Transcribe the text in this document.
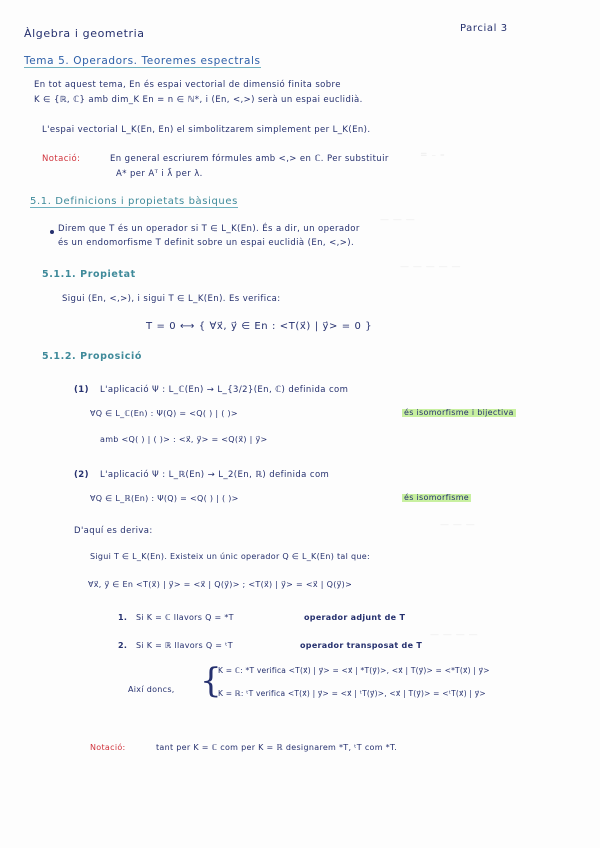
= ₋ ₌
— — —
— — — — —
— — —
— — — —
Àlgebra i geometria	Parcial 3
Tema 5. Operadors. Teoremes espectrals
En tot aquest tema, En és espai vectorial de dimensió finita sobre
K ∈ {ℝ, ℂ} amb dim_K En = n ∈ ℕ*, i (En, <,>) serà un espai euclidià.
L'espai vectorial L_K(En, En) el simbolitzarem simplement per L_K(En).
Notació:	En general escriurem fórmules amb <,> en ℂ. Per substituir
A* per Aᵀ i λ̄ per λ.
5.1. Definicions i propietats bàsiques
Direm que T és un operador si T ∈ L_K(En). És a dir, un operador
és un endomorfisme T definit sobre un espai euclidià (En, <,>).
5.1.1. Propietat
Sigui (En, <,>), i sigui T ∈ L_K(En). Es verifica:
T = 0 ⟷ { ∀x⃗, y⃗ ∈ En : <T(x⃗) | y⃗> = 0 }
5.1.2. Proposició
(1) L'aplicació Ψ : L_ℂ(En) → L_{3/2}(En, ℂ) definida com
∀Q ∈ L_ℂ(En) : Ψ(Q) = <Q( ) | ( )>	és isomorfisme i bijectiva
amb <Q( ) | ( )> : <x⃗, y⃗> = <Q(x⃗) | y⃗>
(2) L'aplicació Ψ : L_ℝ(En) → L_2(En, ℝ) definida com
∀Q ∈ L_ℝ(En) : Ψ(Q) = <Q( ) | ( )>	és isomorfisme
D'aquí es deriva:
Sigui T ∈ L_K(En). Existeix un únic operador Q ∈ L_K(En) tal que:
∀x⃗, y⃗ ∈ En <T(x⃗) | y⃗> = <x⃗ | Q(y⃗)> ; <T(x⃗) | y⃗> = <x⃗ | Q(y⃗)>
1. Si K = ℂ llavors Q = *T	operador adjunt de T
2. Si K = ℝ llavors Q = ᵗT	operador transposat de T
Així doncs, {
K = ℂ: *T verifica <T(x⃗) | y⃗> = <x⃗ | *T(y⃗)>, <x⃗ | T(y⃗)> = <*T(x⃗) | y⃗>
K = ℝ: ᵗT verifica <T(x⃗) | y⃗> = <x⃗ | ᵗT(y⃗)>, <x⃗ | T(y⃗)> = <ᵗT(x⃗) | y⃗>
Notació:	tant per K = ℂ com per K = ℝ designarem *T, ᵗT com *T.
